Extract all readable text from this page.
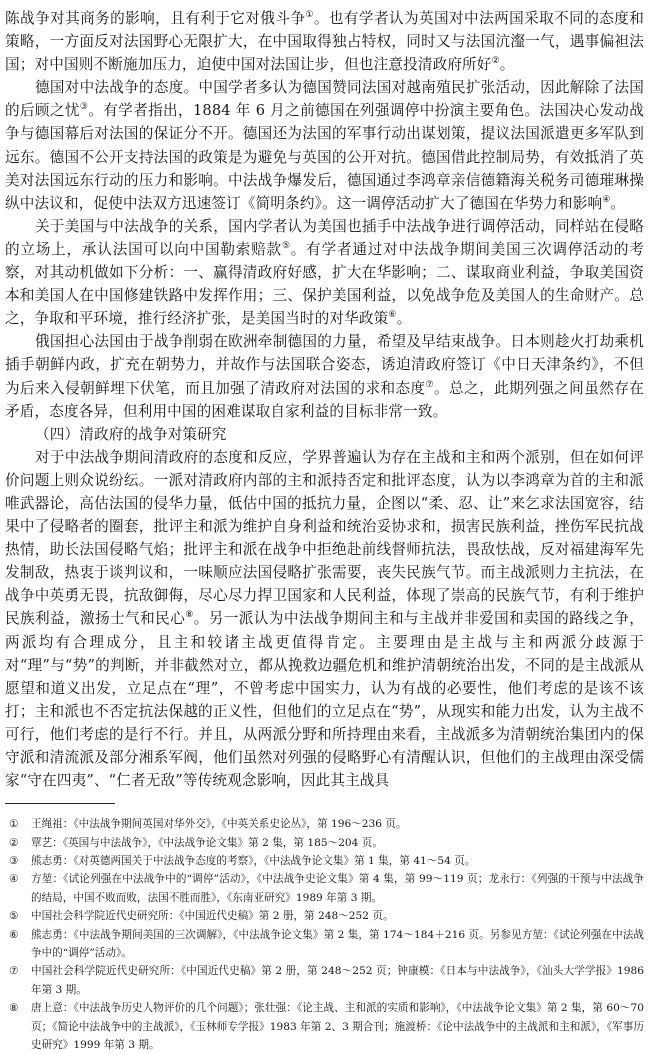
陈战争对其商务的影响，且有利于它对俄斗争①。也有学者认为英国对中法两国采取不同的态度和策略，一方面反对法国野心无限扩大，在中国取得独占特权，同时又与法国沆瀣一气，遇事偏袒法国；对中国则不断施加压力，迫使中国对法国让步，但也注意投清政府所好②。

德国对中法战争的态度。中国学者多认为德国赞同法国对越南殖民扩张活动，因此解除了法国的后顾之忧③。有学者指出，1884 年 6 月之前德国在列强调停中扮演主要角色。法国决心发动战争与德国幕后对法国的保证分不开。德国还为法国的军事行动出谋划策，提议法国派遣更多军队到远东。德国不公开支持法国的政策是为避免与英国的公开对抗。德国借此控制局势，有效抵消了英美对法国远东行动的压力和影响。中法战争爆发后，德国通过李鸿章亲信德籍海关税务司德璀琳操纵中法议和，促使中法双方迅速签订《简明条约》。这一调停活动扩大了德国在华势力和影响④。

关于美国与中法战争的关系，国内学者认为美国也插手中法战争进行调停活动，同样站在侵略的立场上，承认法国可以向中国勒索赔款⑤。有学者通过对中法战争期间美国三次调停活动的考察，对其动机做如下分析：一、赢得清政府好感，扩大在华影响；二、谋取商业利益，争取美国资本和美国人在中国修建铁路中发挥作用；三、保护美国利益，以免战争危及美国人的生命财产。总之，争取和平环境，推行经济扩张，是美国当时的对华政策⑥。

俄国担心法国由于战争削弱在欧洲牵制德国的力量，希望及早结束战争。日本则趁火打劫乘机插手朝鲜内政，扩充在朝势力，并故作与法国联合姿态，诱迫清政府签订《中日天津条约》，不但为后来入侵朝鲜埋下伏笔，而且加强了清政府对法国的求和态度⑦。总之，此期列强之间虽然存在矛盾，态度各异，但利用中国的困难谋取自家利益的目标非常一致。

（四）清政府的战争对策研究

对于中法战争期间清政府的态度和反应，学界普遍认为存在主战和主和两个派别，但在如何评价问题上则众说纷纭。一派对清政府内部的主和派持否定和批评态度，认为以李鸿章为首的主和派唯武器论，高估法国的侵华力量，低估中国的抵抗力量，企图以“柔、忍、让”来乞求法国宽容，结果中了侵略者的圈套，批评主和派为维护自身利益和统治妥协求和，损害民族利益，挫伤军民抗战热情，助长法国侵略气焰；批评主和派在战争中拒绝赴前线督师抗法，畏敌怯战，反对福建海军先发制敌，热衷于谈判议和，一味顺应法国侵略扩张需要，丧失民族气节。而主战派则力主抗法，在战争中英勇无畏，抗敌御侮，尽心尽力捍卫国家和人民利益，体现了崇高的民族气节，有利于维护民族利益，激扬士气和民心⑧。另一派认为中法战争期间主和与主战并非爱国和卖国的路线之争，两派均有合理成分，且主和较诸主战更值得肯定。主要理由是主战与主和两派分歧源于对“理”与“势”的判断，并非截然对立，都从挽救边疆危机和维护清朝统治出发，不同的是主战派从愿望和道义出发，立足点在“理”，不曾考虑中国实力，认为有战的必要性，他们考虑的是该不该打；主和派也不否定抗法保越的正义性，但他们的立足点在“势”，从现实和能力出发，认为主战不可行，他们考虑的是行不行。并且，从两派分野和所持理由来看，主战派多为清朝统治集团内的保守派和清流派及部分湘系军阀，他们虽然对列强的侵略野心有清醒认识，但他们的主战理由深受儒家“守在四夷”、“仁者无敌”等传统观念影响，因此其主战具

①	王绳祖：《中法战争期间英国对华外交》，《中英关系史论丛》，第 196～236 页。
②	覃艺：《英国与中法战争》，《中法战争论文集》第 2 集，第 185～204 页。
③	熊志勇：《对英德两国关于中法战争态度的考察》，《中法战争论文集》第 1 集，第 41～54 页。
④	方堃：《试论列强在中法战争中的“调停”活动》，《中法战争史论文集》第 4 集，第 99～119 页；龙永行：《列强的干预与中法战争的结局，中国不败而败，法国不胜而胜》，《东南亚研究》1989 年第 3 期。
⑤	中国社会科学院近代史研究所：《中国近代史稿》第 2 册，第 248～252 页。
⑥	熊志勇：《中法战争期间美国的三次调解》，《中法战争论文集》第 2 集，第 174～184＋216 页。另参见方堃：《试论列强在中法战争中的“调停”活动》。
⑦	中国社会科学院近代史研究所：《中国近代史稿》第 2 册，第 248～252 页；钟康模：《日本与中法战争》，《汕头大学学报》1986 年第 3 期。
⑧	唐上意：《中法战争历史人物评价的几个问题》；张壮强：《论主战、主和派的实质和影响》，《中法战争论文集》第 2 集，第 60～70 页；《简论中法战争中的主战派》，《玉林师专学报》1983 年第 2、3 期合刊；施渡桥：《论中法战争中的主战派和主和派》，《军事历史研究》1999 年第 3 期。
